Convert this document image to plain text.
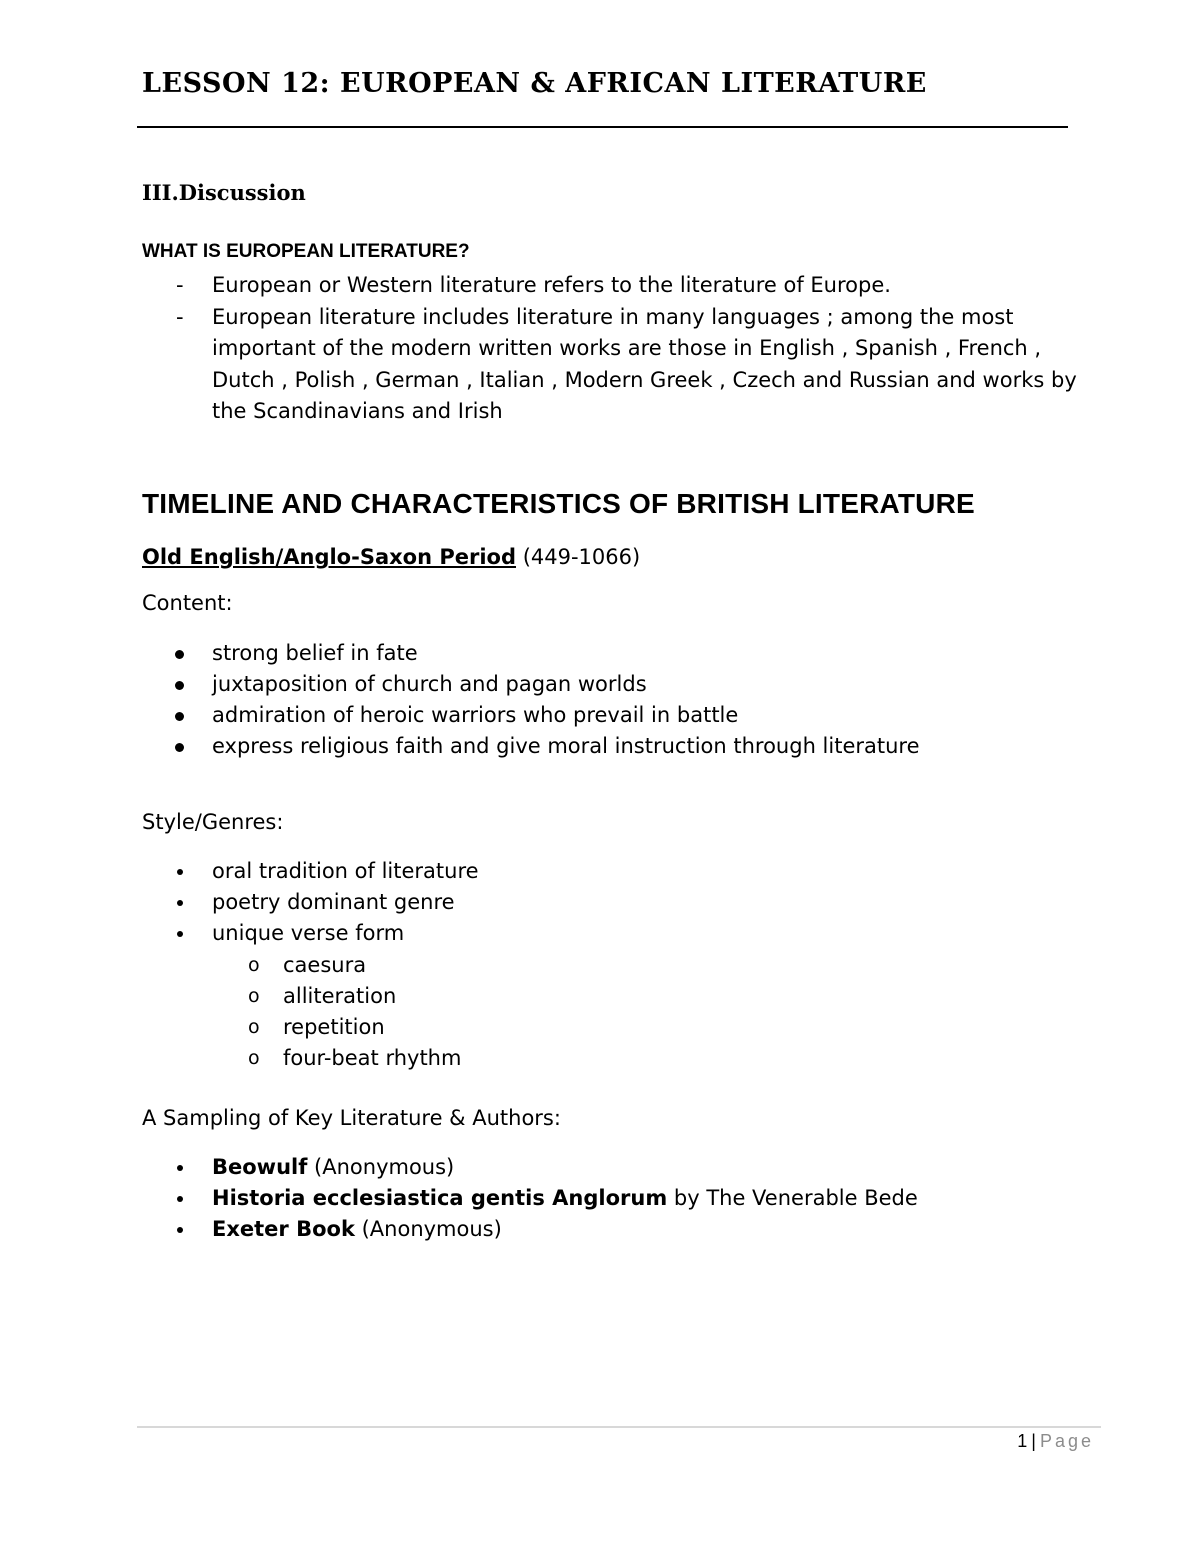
LESSON 12: EUROPEAN & AFRICAN LITERATURE
III.Discussion
WHAT IS EUROPEAN LITERATURE?
- European or Western literature refers to the literature of Europe.
- European literature includes literature in many languages ; among the most important of the modern written works are those in English , Spanish , French , Dutch , Polish , German , Italian , Modern Greek , Czech and Russian and works by the Scandinavians and Irish
TIMELINE AND CHARACTERISTICS OF BRITISH LITERATURE
Old English/Anglo-Saxon Period (449-1066)
Content:
strong belief in fate
juxtaposition of church and pagan worlds
admiration of heroic warriors who prevail in battle
express religious faith and give moral instruction through literature
Style/Genres:
oral tradition of literature
poetry dominant genre
unique verse form
o caesura
o alliteration
o repetition
o four-beat rhythm
A Sampling of Key Literature & Authors:
Beowulf (Anonymous)
Historia ecclesiastica gentis Anglorum by The Venerable Bede
Exeter Book (Anonymous)
1 | Page
